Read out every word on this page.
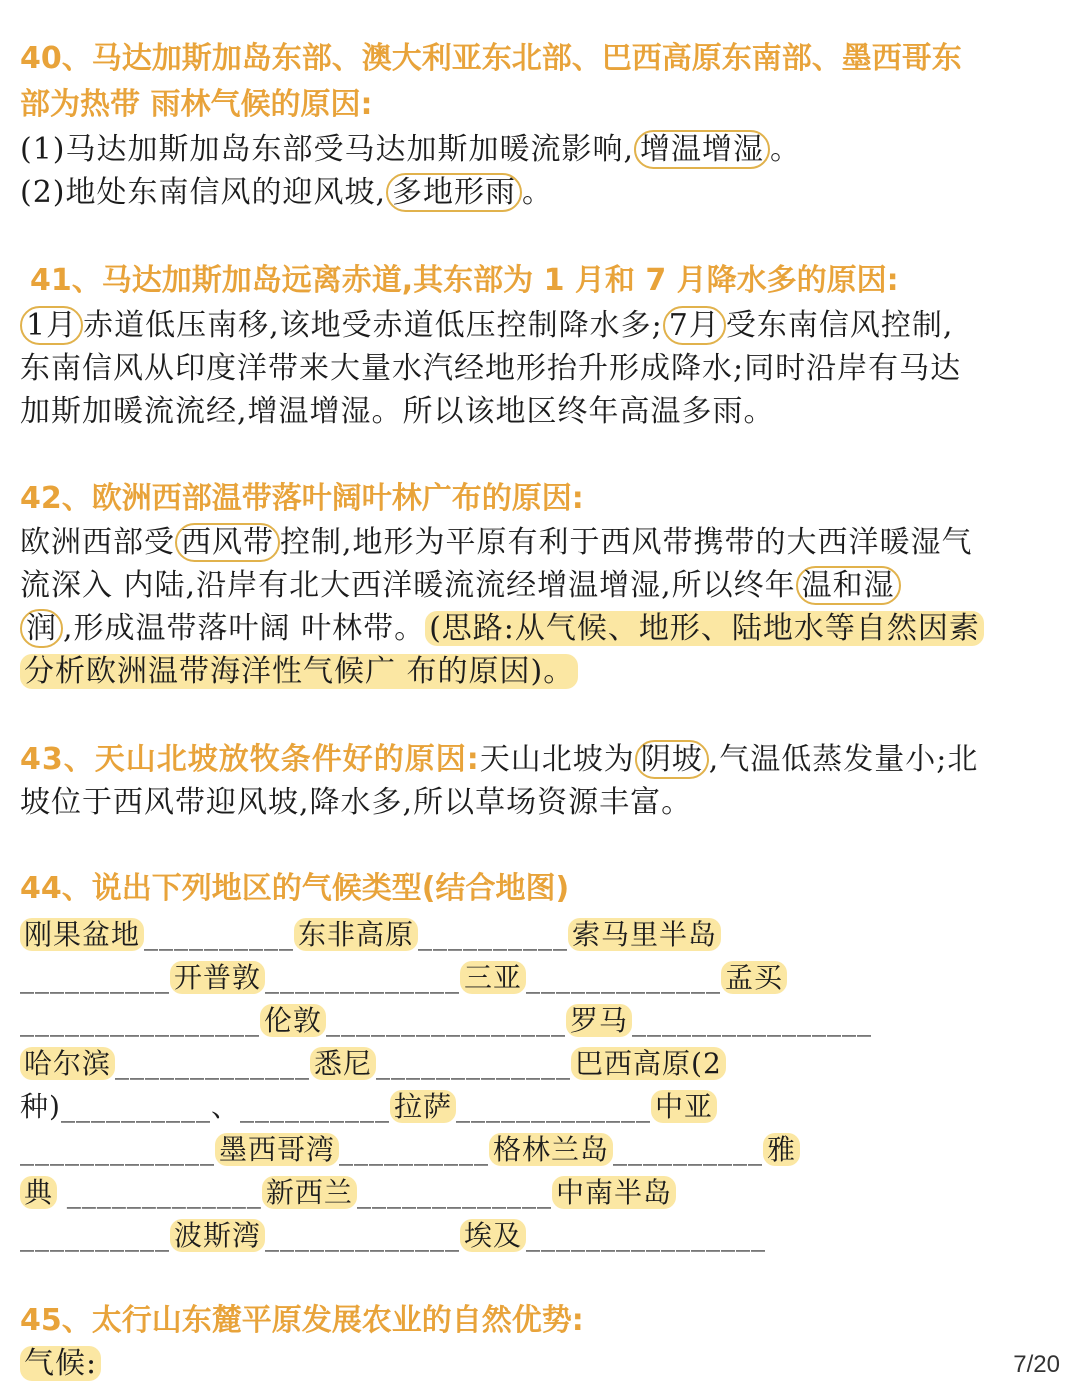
40、马达加斯加岛东部、澳大利亚东北部、巴西高原东南部、墨西哥东
部为热带 雨林气候的原因:
(1)马达加斯加岛东部受马达加斯加暖流影响, 增温增湿 。
(2)地处东南信风的迎风坡, 多地形雨 。
41、马达加斯加岛远离赤道,其东部为 1 月和 7 月降水多的原因:
1月 赤道低压南移,该地受赤道低压控制降水多; 7月 受东南信风控制,
东南信风从印度洋带来大量水汽经地形抬升形成降水;同时沿岸有马达
加斯加暖流流经,增温增湿。所以该地区终年高温多雨。
42、欧洲西部温带落叶阔叶林广布的原因:
欧洲西部受 西风带 控制,地形为平原有利于西风带携带的大西洋暖湿气
流深入 内陆,沿岸有北大西洋暖流流经增温增湿,所以终年 温和湿
润 ,形成温带落叶阔 叶林带。 (思路:从气候、地形、陆地水等自然因素
分析欧洲温带海洋性气候广 布的原因)。
43、天山北坡放牧条件好的原因:天山北坡为 阴坡 ,气温低蒸发量小;北
坡位于西风带迎风坡,降水多,所以草场资源丰富。
44、说出下列地区的气候类型(结合地图)
刚果盆地 __________ 东非高原 __________ 索马里半岛
__________ 开普敦 _____________ 三亚 _____________ 孟买
________________ 伦敦 ________________ 罗马 ________________
哈尔滨 _____________ 悉尼 _____________ 巴西高原(2
种)__________、__________ 拉萨 _____________ 中亚
_____________ 墨西哥湾 __________ 格林兰岛 __________ 雅
典 _____________ 新西兰 _____________ 中南半岛
__________ 波斯湾 _____________ 埃及 ________________
45、太行山东麓平原发展农业的自然优势:
气候:	7/20
